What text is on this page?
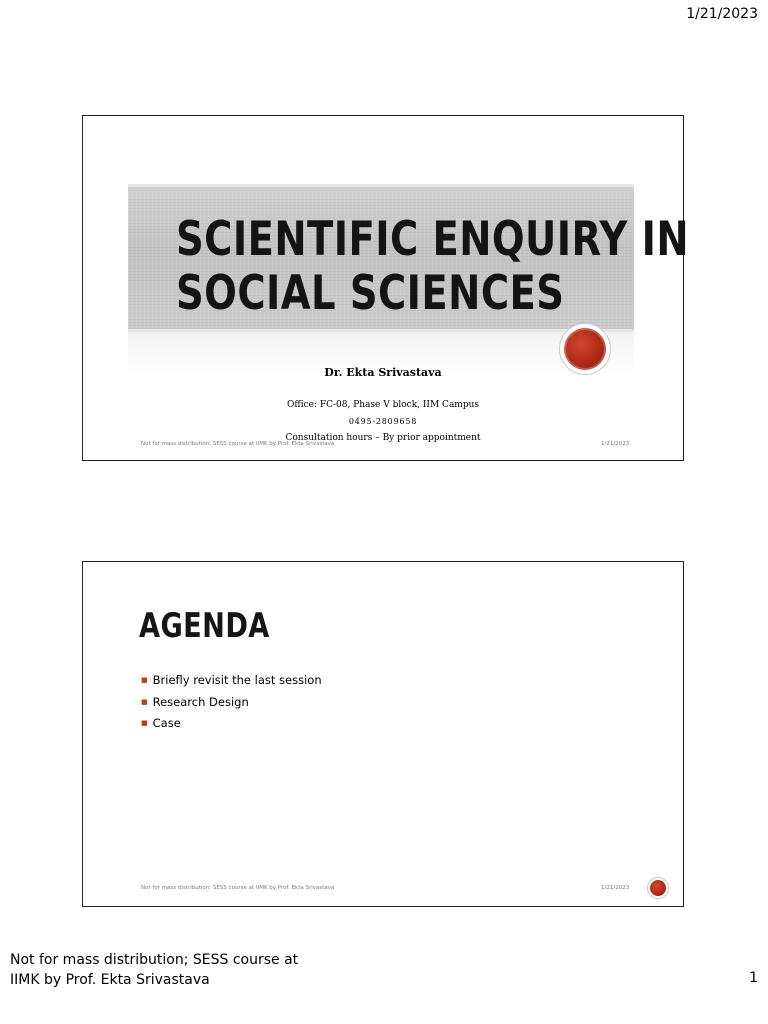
1/21/2023
SCIENTIFIC ENQUIRY IN
SOCIAL SCIENCES
Dr. Ekta Srivastava
Office: FC-08, Phase V block, IIM Campus
0495-2809658
Consultation hours – By prior appointment
Not for mass distribution; SESS course at IIMK by Prof. Ekta Srivastava	1/21/2023
AGENDA
■ Briefly revisit the last session
■ Research Design
■ Case
Not for mass distribution; SESS course at IIMK by Prof. Ekta Srivastava	1/21/2023
Not for mass distribution; SESS course at
IIMK by Prof. Ekta Srivastava	1
